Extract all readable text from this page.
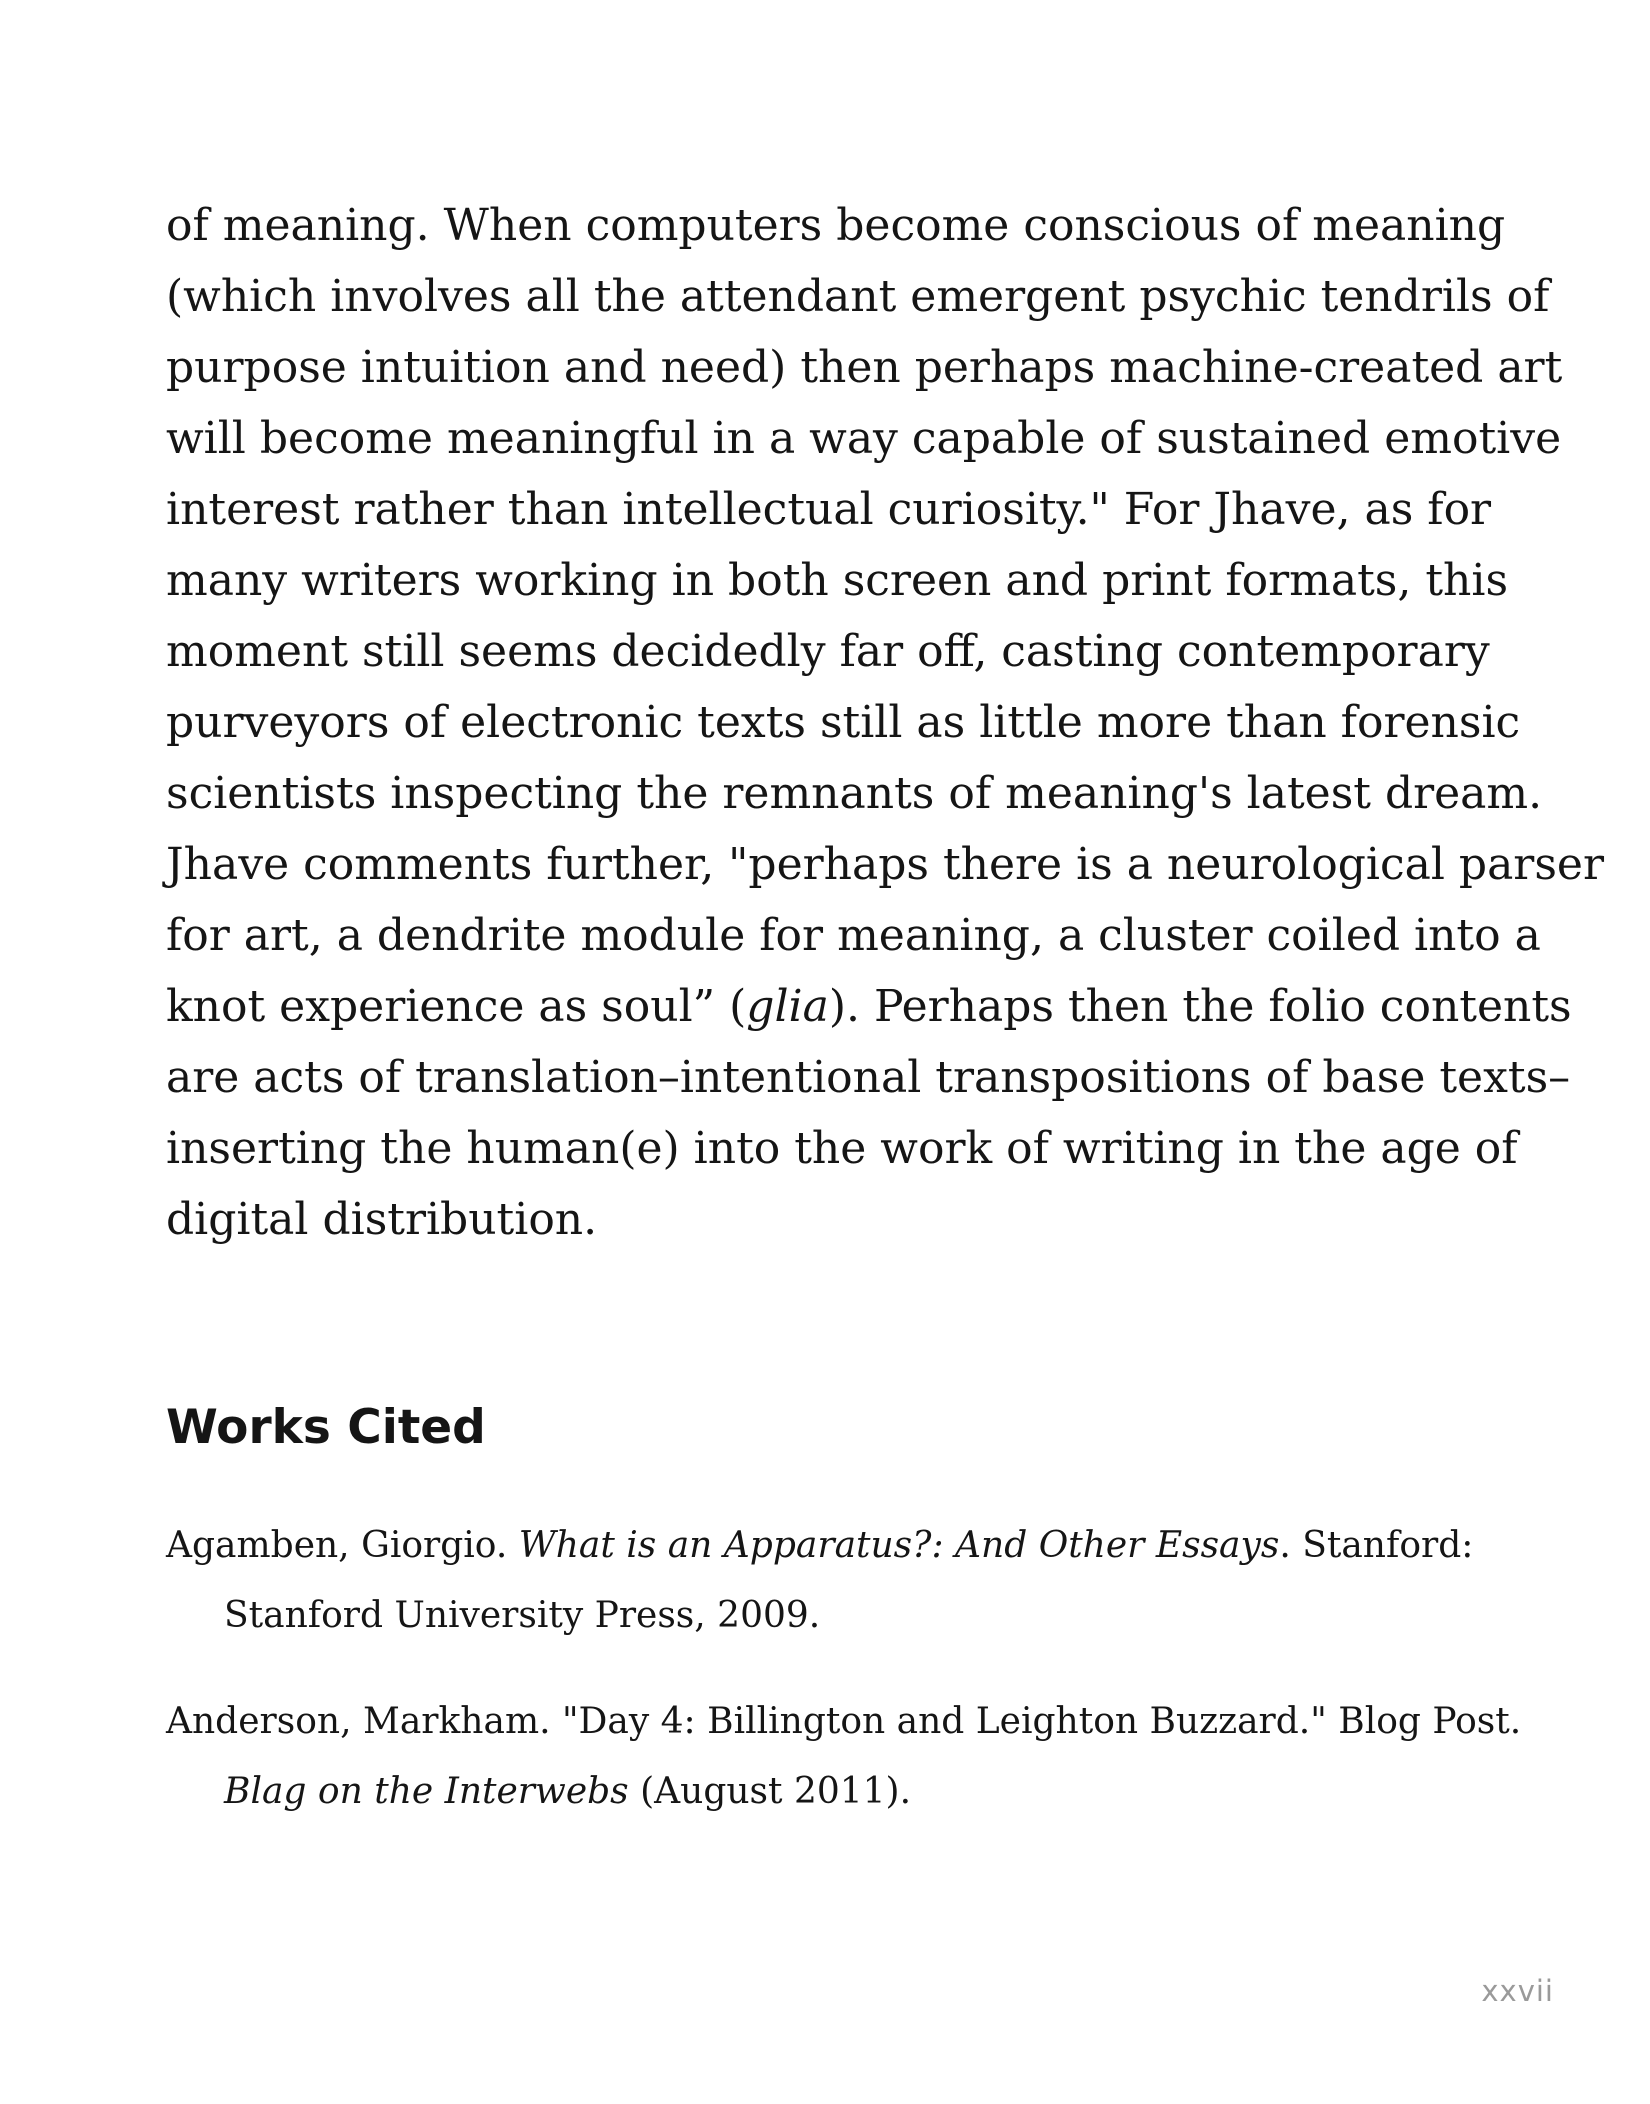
of meaning. When computers become conscious of meaning
(which involves all the attendant emergent psychic tendrils of
purpose intuition and need) then perhaps machine-created art
will become meaningful in a way capable of sustained emotive
interest rather than intellectual curiosity." For Jhave, as for
many writers working in both screen and print formats, this
moment still seems decidedly far off, casting contemporary
purveyors of electronic texts still as little more than forensic
scientists inspecting the remnants of meaning's latest dream.
Jhave comments further, "perhaps there is a neurological parser
for art, a dendrite module for meaning, a cluster coiled into a
knot experience as soul” (glia). Perhaps then the folio contents
are acts of translation–intentional transpositions of base texts–
inserting the human(e) into the work of writing in the age of
digital distribution.
Works Cited

Agamben, Giorgio. What is an Apparatus?: And Other Essays. Stanford:
Stanford University Press, 2009.

Anderson, Markham. "Day 4: Billington and Leighton Buzzard." Blog Post.
Blag on the Interwebs (August 2011).

xxvii
